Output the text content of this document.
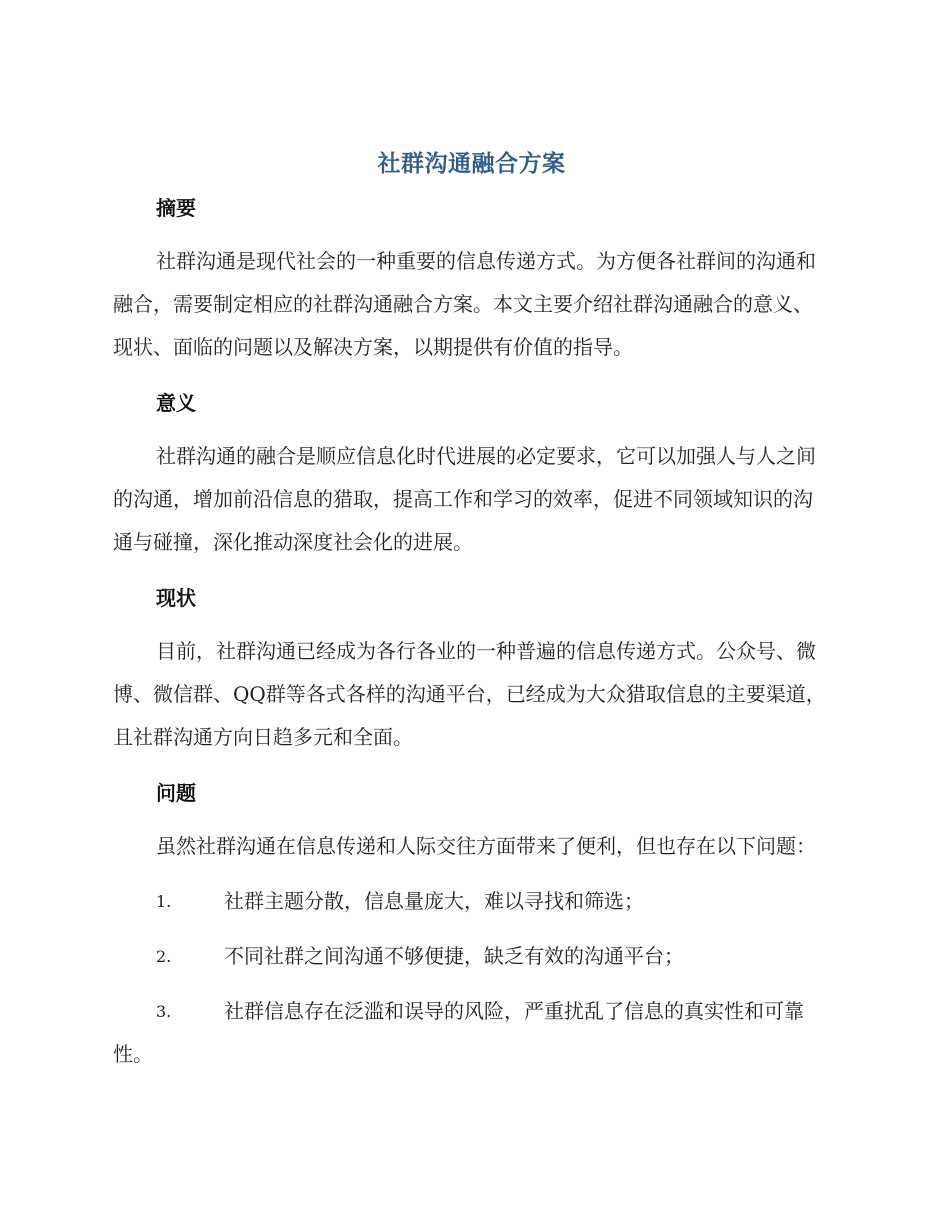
社群沟通融合方案
摘要

社群沟通是现代社会的一种重要的信息传递方式。为方便各社群间的沟通和融合，需要制定相应的社群沟通融合方案。本文主要介绍社群沟通融合的意义、现状、面临的问题以及解决方案，以期提供有价值的指导。

意义

社群沟通的融合是顺应信息化时代进展的必定要求，它可以加强人与人之间的沟通，增加前沿信息的猎取，提高工作和学习的效率，促进不同领域知识的沟通与碰撞，深化推动深度社会化的进展。

现状

目前，社群沟通已经成为各行各业的一种普遍的信息传递方式。公众号、微博、微信群、QQ群等各式各样的沟通平台，已经成为大众猎取信息的主要渠道，且社群沟通方向日趋多元和全面。

问题

虽然社群沟通在信息传递和人际交往方面带来了便利，但也存在以下问题：

1.	社群主题分散，信息量庞大，难以寻找和筛选；
2.	不同社群之间沟通不够便捷，缺乏有效的沟通平台；
3.	社群信息存在泛滥和误导的风险，严重扰乱了信息的真实性和可靠性。
